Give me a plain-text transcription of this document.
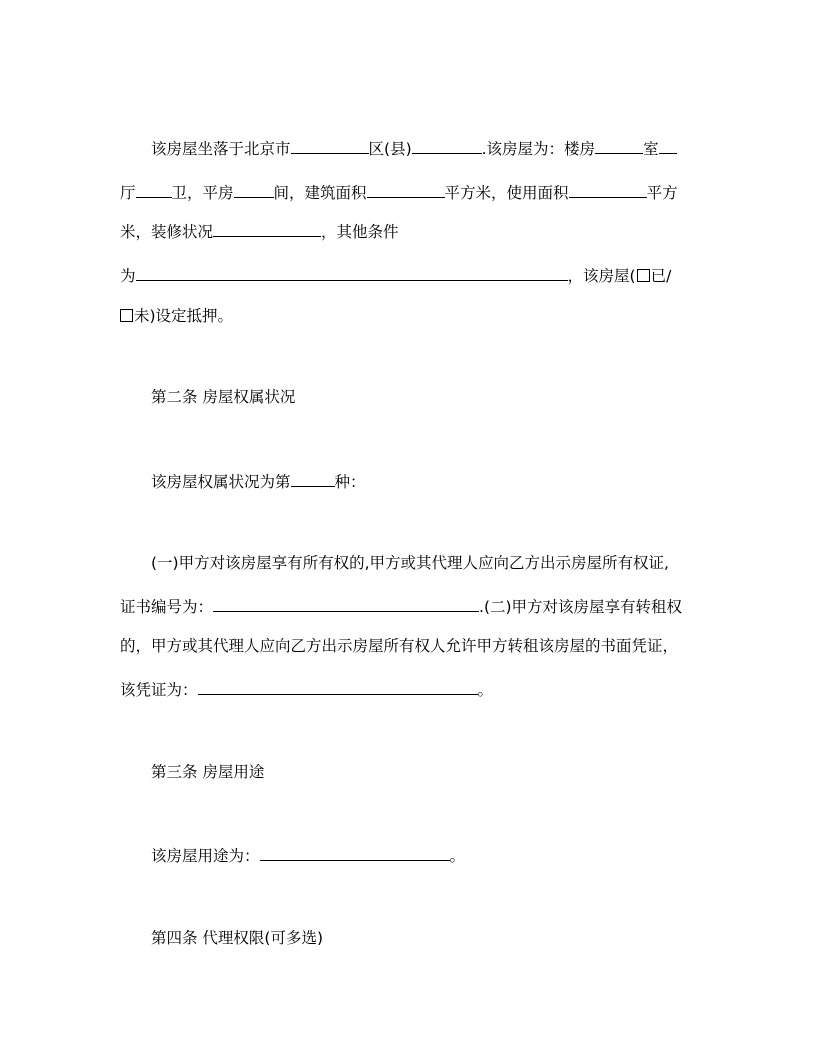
该房屋坐落于北京市	区(县)	.该房屋为：楼房	室
厅 卫，平房	间，建筑面积	平方米，使用面积	平方
米，装修状况	，其他条件
为	，该房屋( 已/
未)设定抵押。
第二条 房屋权属状况
该房屋权属状况为第	种：
(一)甲方对该房屋享有所有权的,甲方或其代理人应向乙方出示房屋所有权证,
证书编号为：	.(二)甲方对该房屋享有转租权
的，甲方或其代理人应向乙方出示房屋所有权人允许甲方转租该房屋的书面凭证，
该凭证为：	。
第三条 房屋用途
该房屋用途为：	。
第四条 代理权限(可多选)
